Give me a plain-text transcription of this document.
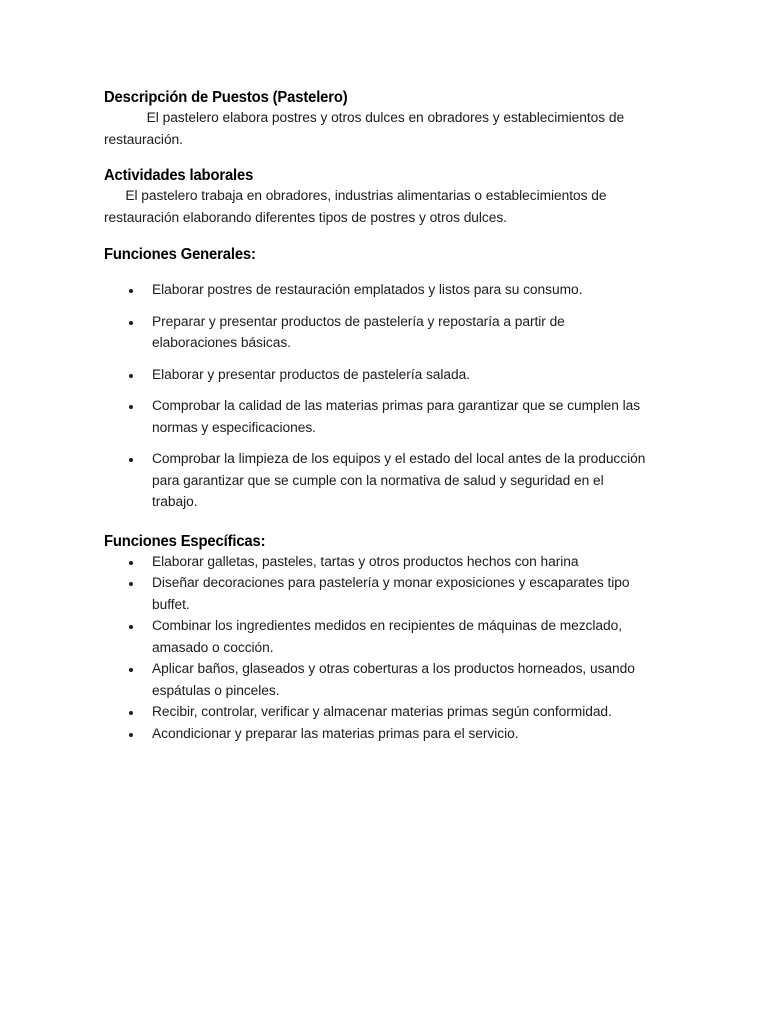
Descripción de Puestos (Pastelero)

El pastelero elabora postres y otros dulces en obradores y establecimientos de restauración.

Actividades laborales

El pastelero trabaja en obradores, industrias alimentarias o establecimientos de restauración elaborando diferentes tipos de postres y otros dulces.

Funciones Generales:
Elaborar postres de restauración emplatados y listos para su consumo.
Preparar y presentar productos de pastelería y repostaría a partir de elaboraciones básicas.
Elaborar y presentar productos de pastelería salada.
Comprobar la calidad de las materias primas para garantizar que se cumplen las normas y especificaciones.
Comprobar la limpieza de los equipos y el estado del local antes de la producción para garantizar que se cumple con la normativa de salud y seguridad en el trabajo.
Funciones Específicas:
Elaborar galletas, pasteles, tartas y otros productos hechos con harina
Diseñar decoraciones para pastelería y monar exposiciones y escaparates tipo buffet.
Combinar los ingredientes medidos en recipientes de máquinas de mezclado, amasado o cocción.
Aplicar baños, glaseados y otras coberturas a los productos horneados, usando espátulas o pinceles.
Recibir, controlar, verificar y almacenar materias primas según conformidad.
Acondicionar y preparar las materias primas para el servicio.
